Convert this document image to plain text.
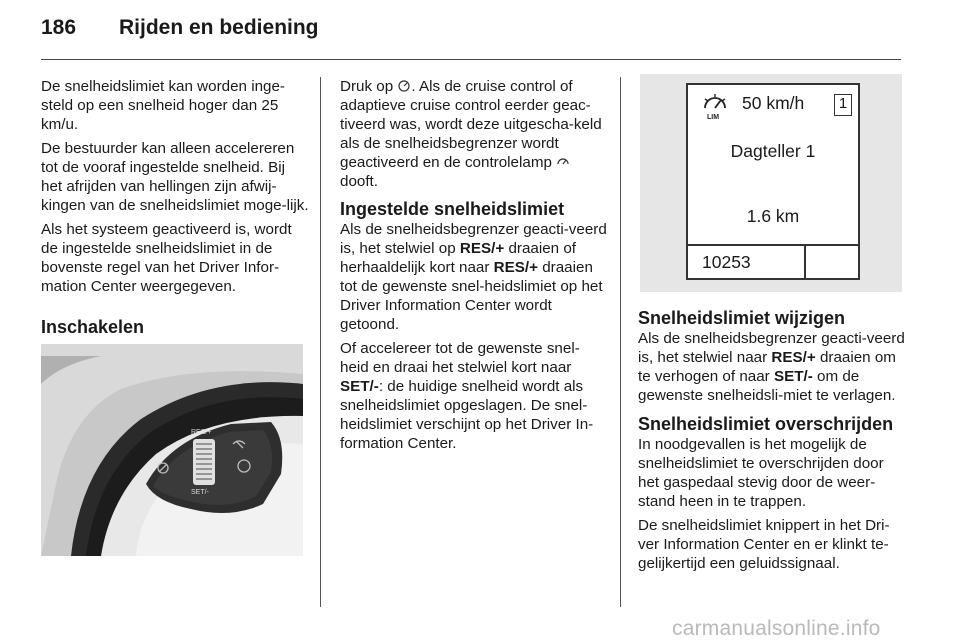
186	Rijden en bediening

De snelheidslimiet kan worden inge-steld op een snelheid hoger dan 25 km/u.

De bestuurder kan alleen accelereren tot de vooraf ingestelde snelheid. Bij het afrijden van hellingen zijn afwij-kingen van de snelheidslimiet moge-lijk.

Als het systeem geactiveerd is, wordt de ingestelde snelheidslimiet in de bovenste regel van het Driver Infor-mation Center weergegeven.

Inschakelen
RES/+
SET/-

Druk op . Als de cruise control of adaptieve cruise control eerder geac-tiveerd was, wordt deze uitgescha-keld als de snelheidsbegrenzer wordt geactiveerd en de controlelamp  dooft.

Ingestelde snelheidslimiet

Als de snelheidsbegrenzer geacti-veerd is, het stelwiel op RES/+ draaien of herhaaldelijk kort naar RES/+ draaien tot de gewenste snel-heidslimiet op het Driver Information Center wordt getoond.

Of accelereer tot de gewenste snel-heid en draai het stelwiel kort naar SET/-: de huidige snelheid wordt als snelheidslimiet opgeslagen. De snel-heidslimiet verschijnt op het Driver In-formation Center.

LIM
50 km/h	1
Dagteller 1
1.6 km
10253
Snelheidslimiet wijzigen

Als de snelheidsbegrenzer geacti-veerd is, het stelwiel naar RES/+ draaien om te verhogen of naar SET/- om de gewenste snelheidsli-miet te verlagen.

Snelheidslimiet overschrijden

In noodgevallen is het mogelijk de snelheidslimiet te overschrijden door het gaspedaal stevig door de weer-stand heen in te trappen.

De snelheidslimiet knippert in het Dri-ver Information Center en er klinkt te-gelijkertijd een geluidssignaal.

carmanualsonline.info
